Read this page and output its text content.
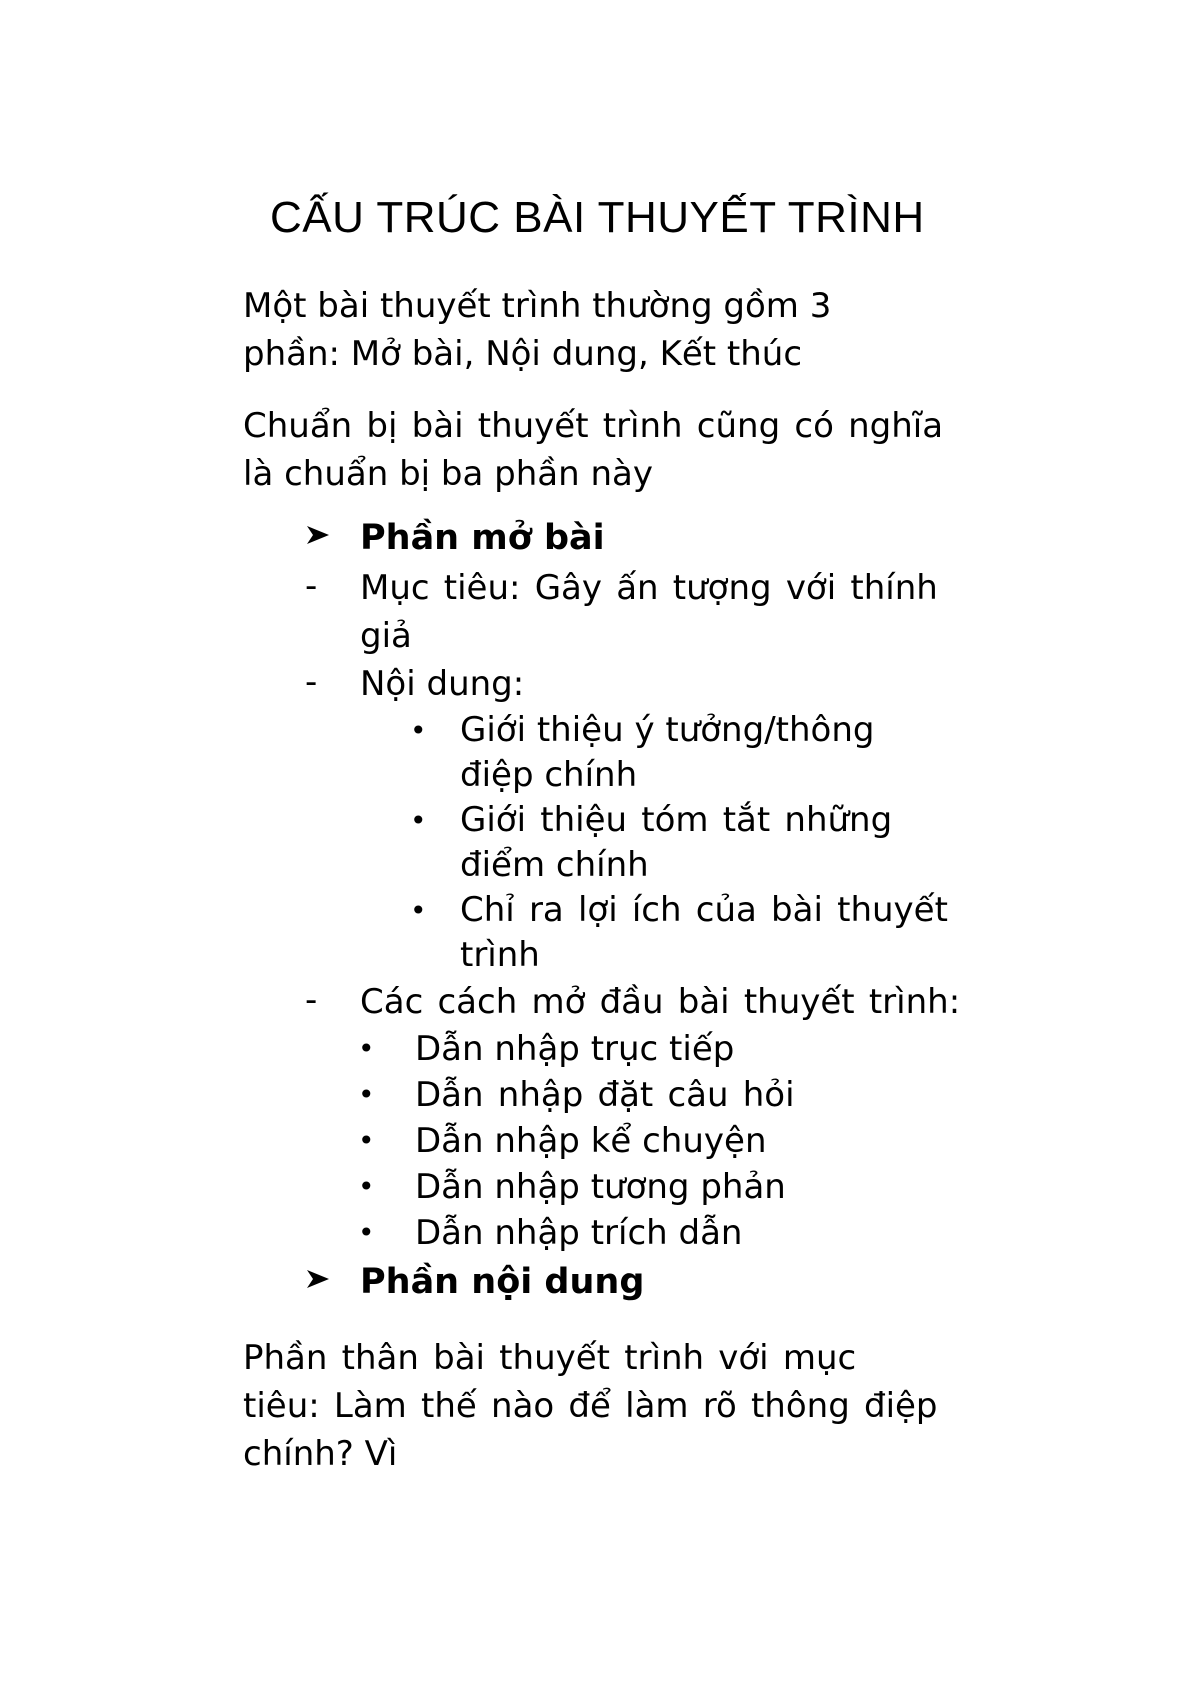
CẤU TRÚC BÀI THUYẾT TRÌNH

Một bài thuyết trình thường gồm 3
phần: Mở bài, Nội dung, Kết thúc

Chuẩn bị bài thuyết trình cũng có nghĩa
là chuẩn bị ba phần này

Phần mở bài
-	Mục tiêu: Gây ấn tượng với thính
giả
-	Nội dung:
• Giới thiệu ý tưởng/thông
điệp chính
• Giới thiệu tóm tắt những
điểm chính
• Chỉ ra lợi ích của bài thuyết
trình
-	Các cách mở đầu bài thuyết trình:
•	Dẫn nhập trục tiếp
•	Dẫn nhập đặt câu hỏi
•	Dẫn nhập kể chuyện
•	Dẫn nhập tương phản
•	Dẫn nhập trích dẫn
Phần nội dung

Phần thân bài thuyết trình với mục
tiêu: Làm thế nào để làm rõ thông điệp
chính? Vì
